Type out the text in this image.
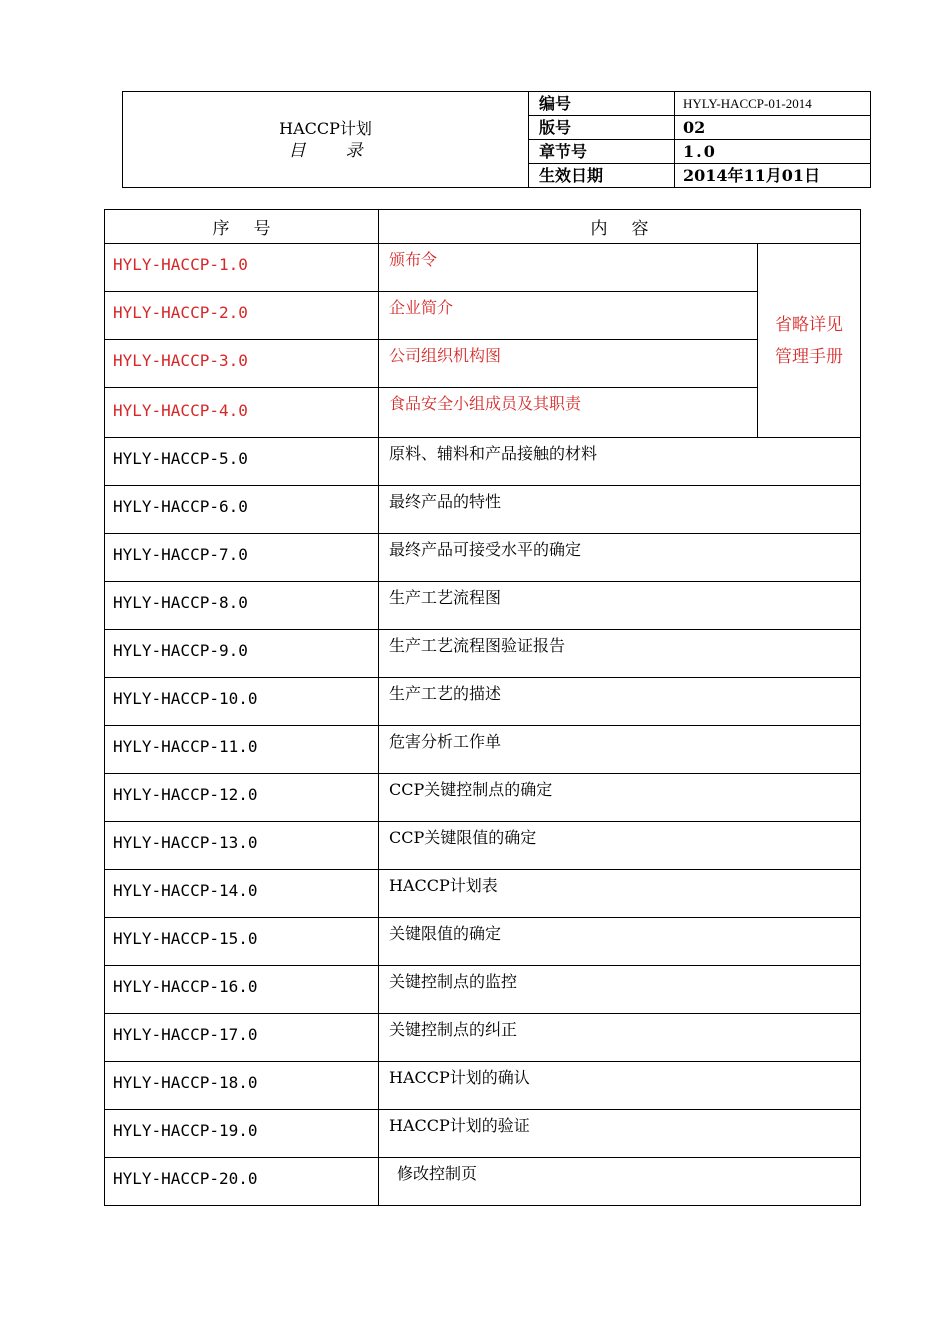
HACCP计划
目 录	编号	HYLY-HACCP-01-2014
	版号	02
	章节号	1.0
	生效日期	2014年11月01日
序 号	内 容	
HYLY-HACCP-1.0	颁布令	省略详见
管理手册

HYLY-HACCP-2.0	企业简介	
HYLY-HACCP-3.0	公司组织机构图	
HYLY-HACCP-4.0	食品安全小组成员及其职责	
HYLY-HACCP-5.0	原料、辅料和产品接触的材料	
HYLY-HACCP-6.0	最终产品的特性	
HYLY-HACCP-7.0	最终产品可接受水平的确定	
HYLY-HACCP-8.0	生产工艺流程图	
HYLY-HACCP-9.0	生产工艺流程图验证报告	
HYLY-HACCP-10.0	生产工艺的描述	
HYLY-HACCP-11.0	危害分析工作单	
HYLY-HACCP-12.0	CCP关键控制点的确定	
HYLY-HACCP-13.0	CCP关键限值的确定	
HYLY-HACCP-14.0	HACCP计划表	
HYLY-HACCP-15.0	关键限值的确定	
HYLY-HACCP-16.0	关键控制点的监控	
HYLY-HACCP-17.0	关键控制点的纠正	
HYLY-HACCP-18.0	HACCP计划的确认	
HYLY-HACCP-19.0	HACCP计划的验证	
HYLY-HACCP-20.0	修改控制页	
